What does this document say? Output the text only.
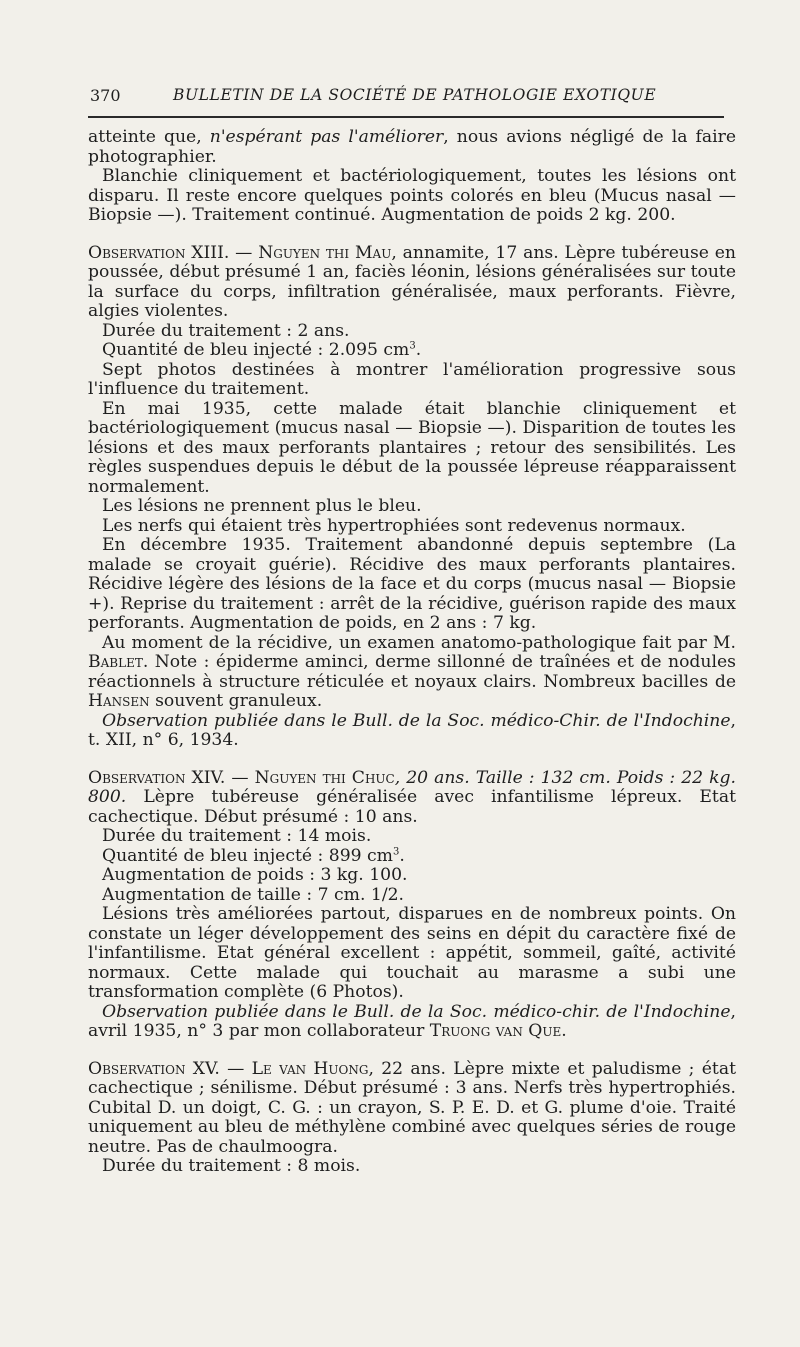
370	BULLETIN DE LA SOCIÉTÉ DE PATHOLOGIE EXOTIQUE

atteinte que, n'espérant pas l'améliorer, nous avions négligé de la faire photographier.

Blanchie cliniquement et bactériologiquement, toutes les lésions ont disparu. Il reste encore quelques points colorés en bleu (Mucus nasal — Biopsie —). Traitement continué. Augmentation de poids 2 kg. 200.

Observation XIII. — Nguyen thi Mau, annamite, 17 ans. Lèpre tubéreuse en poussée, début présumé 1 an, faciès léonin, lésions généralisées sur toute la surface du corps, infiltration généralisée, maux perforants. Fièvre, algies violentes.

Durée du traitement : 2 ans.

Quantité de bleu injecté : 2.095 $cm^3$.

Sept photos destinées à montrer l'amélioration progressive sous l'influence du traitement.

En mai 1935, cette malade était blanchie cliniquement et bactériologiquement (mucus nasal — Biopsie —). Disparition de toutes les lésions et des maux perforants plantaires ; retour des sensibilités. Les règles suspendues depuis le début de la poussée lépreuse réapparaissent normalement.

Les lésions ne prennent plus le bleu.

Les nerfs qui étaient très hypertrophiées sont redevenus normaux.

En décembre 1935. Traitement abandonné depuis septembre (La malade se croyait guérie). Récidive des maux perforants plantaires. Récidive légère des lésions de la face et du corps (mucus nasal — Biopsie +). Reprise du traitement : arrêt de la récidive, guérison rapide des maux perforants. Augmentation de poids, en 2 ans : 7 kg.

Au moment de la récidive, un examen anatomo-pathologique fait par M. Bablet. Note : épiderme aminci, derme sillonné de traînées et de nodules réactionnels à structure réticulée et noyaux clairs. Nombreux bacilles de Hansen souvent granuleux.

Observation publiée dans le Bull. de la Soc. médico-Chir. de l'Indochine, t. XII, n° 6, 1934.

Observation XIV. — Nguyen thi Chuc, 20 ans. Taille : 132 cm. Poids : 22 kg. 800. Lèpre tubéreuse généralisée avec infantilisme lépreux. Etat cachectique. Début présumé : 10 ans.

Durée du traitement : 14 mois.

Quantité de bleu injecté : 899 $cm^3$.

Augmentation de poids : 3 kg. 100.

Augmentation de taille : 7 cm. 1/2.

Lésions très améliorées partout, disparues en de nombreux points. On constate un léger développement des seins en dépit du caractère fixé de l'infantilisme. Etat général excellent : appétit, sommeil, gaîté, activité normaux. Cette malade qui touchait au marasme a subi une transformation complète (6 Photos).

Observation publiée dans le Bull. de la Soc. médico-chir. de l'Indochine, avril 1935, n° 3 par mon collaborateur Truong van Que.

Observation XV. — Le van Huong, 22 ans. Lèpre mixte et paludisme ; état cachectique ; sénilisme. Début présumé : 3 ans. Nerfs très hypertrophiés. Cubital D. un doigt, C. G. : un crayon, S. P. E. D. et G. plume d'oie. Traité uniquement au bleu de méthylène combiné avec quelques séries de rouge neutre. Pas de chaulmoogra.

Durée du traitement : 8 mois.
